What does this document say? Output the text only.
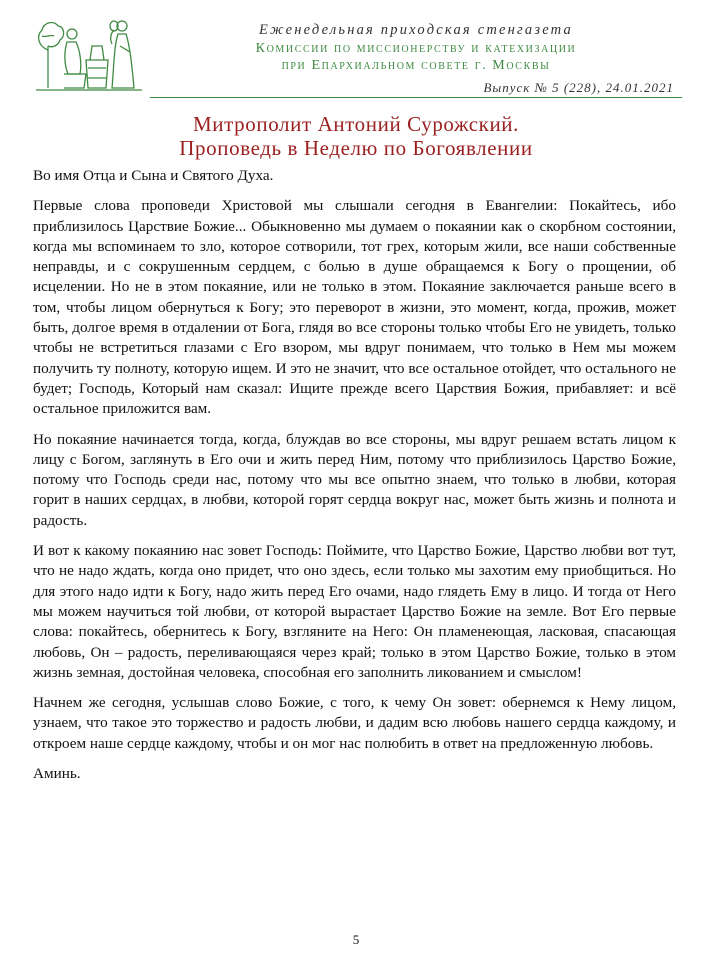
Еженедельная приходская стенгазета
Комиссии по миссионерству и катехизации
при Епархиальном совете г. Москвы
Выпуск № 5 (228), 24.01.2021
Митрополит Антоний Сурожский.
Проповедь в Неделю по Богоявлении

Во имя Отца и Сына и Святого Духа.

Первые слова проповеди Христовой мы слышали сегодня в Евангелии: Покайтесь, ибо приблизилось Царствие Божие... Обыкновенно мы думаем о покаянии как о скорбном состоянии, когда мы вспоминаем то зло, которое сотворили, тот грех, которым жили, все наши собственные неправды, и с сокрушенным сердцем, с болью в душе обращаемся к Богу о прощении, об исцелении. Но не в этом покаяние, или не только в этом. Покаяние заключается раньше всего в том, чтобы лицом обернуться к Богу; это переворот в жизни, это момент, когда, прожив, может быть, долгое время в отдалении от Бога, глядя во все стороны только чтобы Его не увидеть, только чтобы не встретиться глазами с Его взором, мы вдруг понимаем, что только в Нем мы можем получить ту полноту, которую ищем. И это не значит, что все остальное отойдет, что остального не будет; Господь, Который нам сказал: Ищите прежде всего Царствия Божия, прибавляет: и всё остальное приложится вам.

Но покаяние начинается тогда, когда, блуждав во все стороны, мы вдруг решаем встать лицом к лицу с Богом, заглянуть в Его очи и жить перед Ним, потому что приблизилось Царство Божие, потому что Господь среди нас, потому что мы все опытно знаем, что только в любви, которая горит в наших сердцах, в любви, которой горят сердца вокруг нас, может быть жизнь и полнота и радость.

И вот к какому покаянию нас зовет Господь: Поймите, что Царство Божие, Царство любви вот тут, что не надо ждать, когда оно придет, что оно здесь, если только мы захотим ему приобщиться. Но для этого надо идти к Богу, надо жить перед Его очами, надо глядеть Ему в лицо. И тогда от Него мы можем научиться той любви, от которой вырастает Царство Божие на земле. Вот Его первые слова: покайтесь, обернитесь к Богу, взгляните на Него: Он пламенеющая, ласковая, спасающая любовь, Он – радость, переливающаяся через край; только в этом Царство Божие, только в этом жизнь земная, достойная человека, способная его заполнить ликованием и смыслом!

Начнем же сегодня, услышав слово Божие, с того, к чему Он зовет: обернемся к Нему лицом, узнаем, что такое это торжество и радость любви, и дадим всю любовь нашего сердца каждому, и откроем наше сердце каждому, чтобы и он мог нас полюбить в ответ на предложенную любовь.

Аминь.

5
